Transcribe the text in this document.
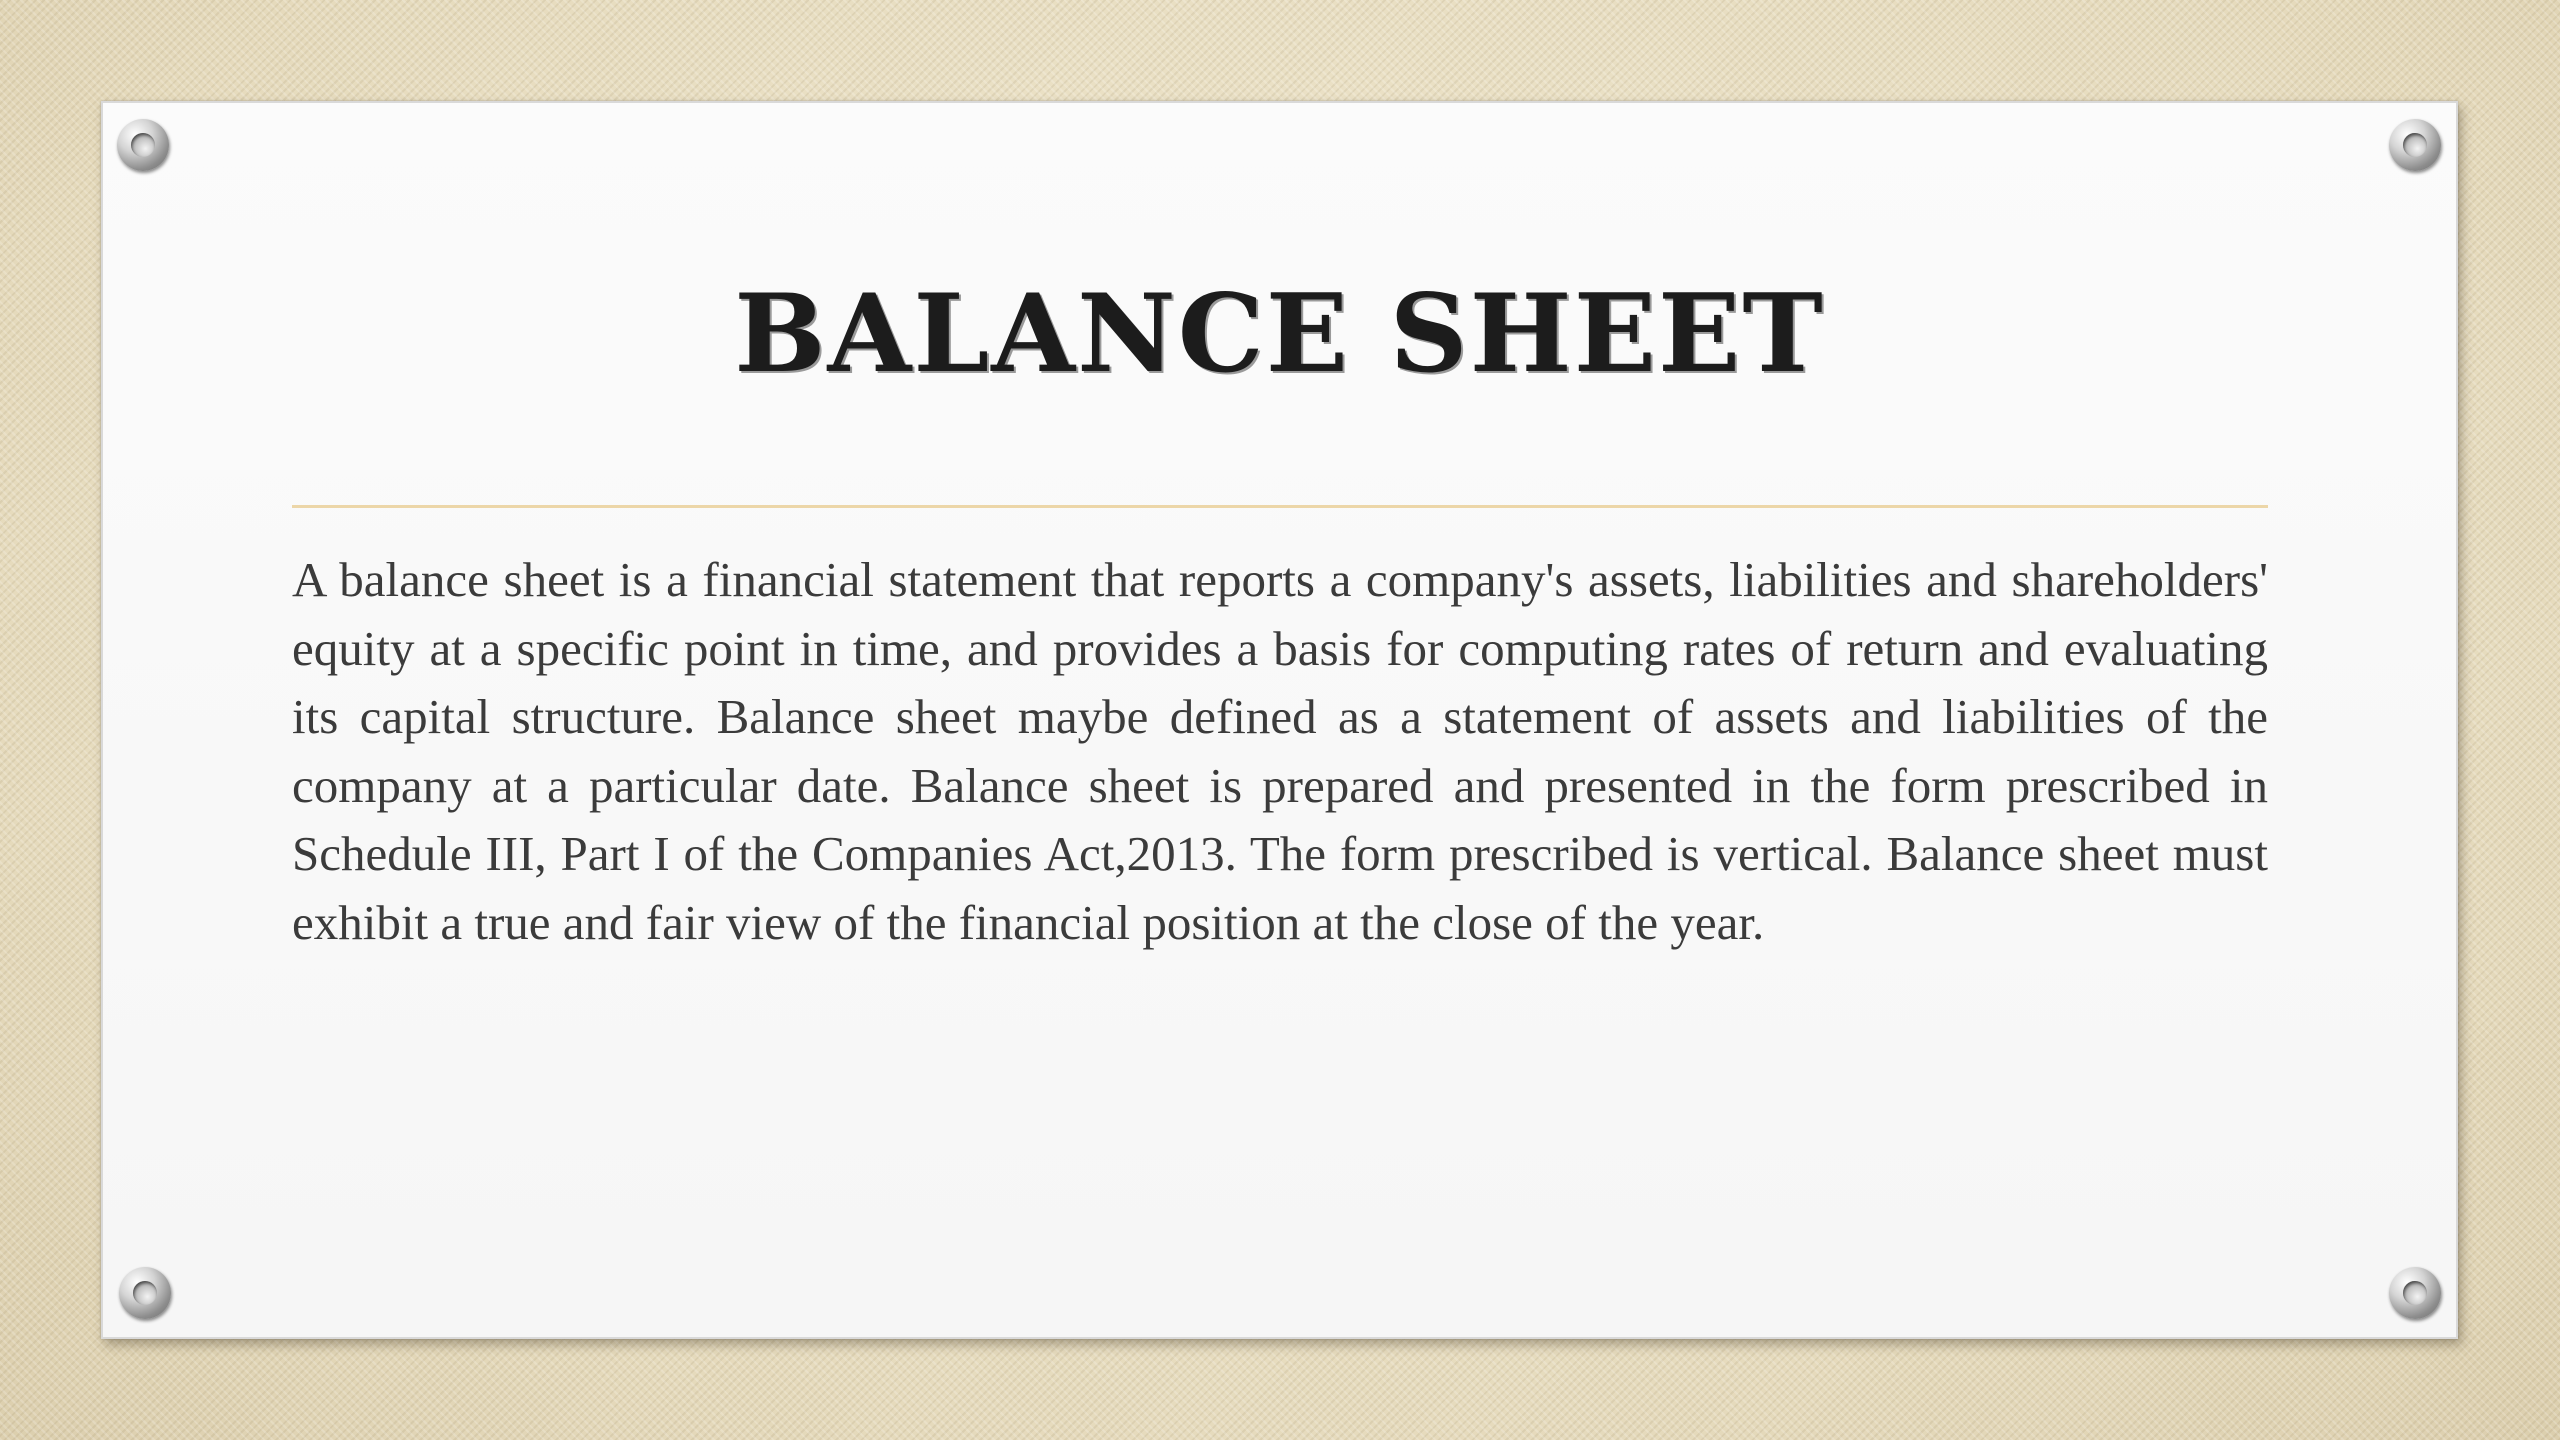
BALANCE SHEET

A balance sheet is a financial statement that reports a company's assets, liabilities and shareholders' equity at a specific point in time, and provides a basis for computing rates of return and evaluating its capital structure. Balance sheet maybe defined as a statement of assets and liabilities of the company at a particular date. Balance sheet is prepared and presented in the form prescribed in Schedule III, Part I of the Companies Act,2013. The form prescribed is vertical. Balance sheet must exhibit a true and fair view of the financial position at the close of the year.
